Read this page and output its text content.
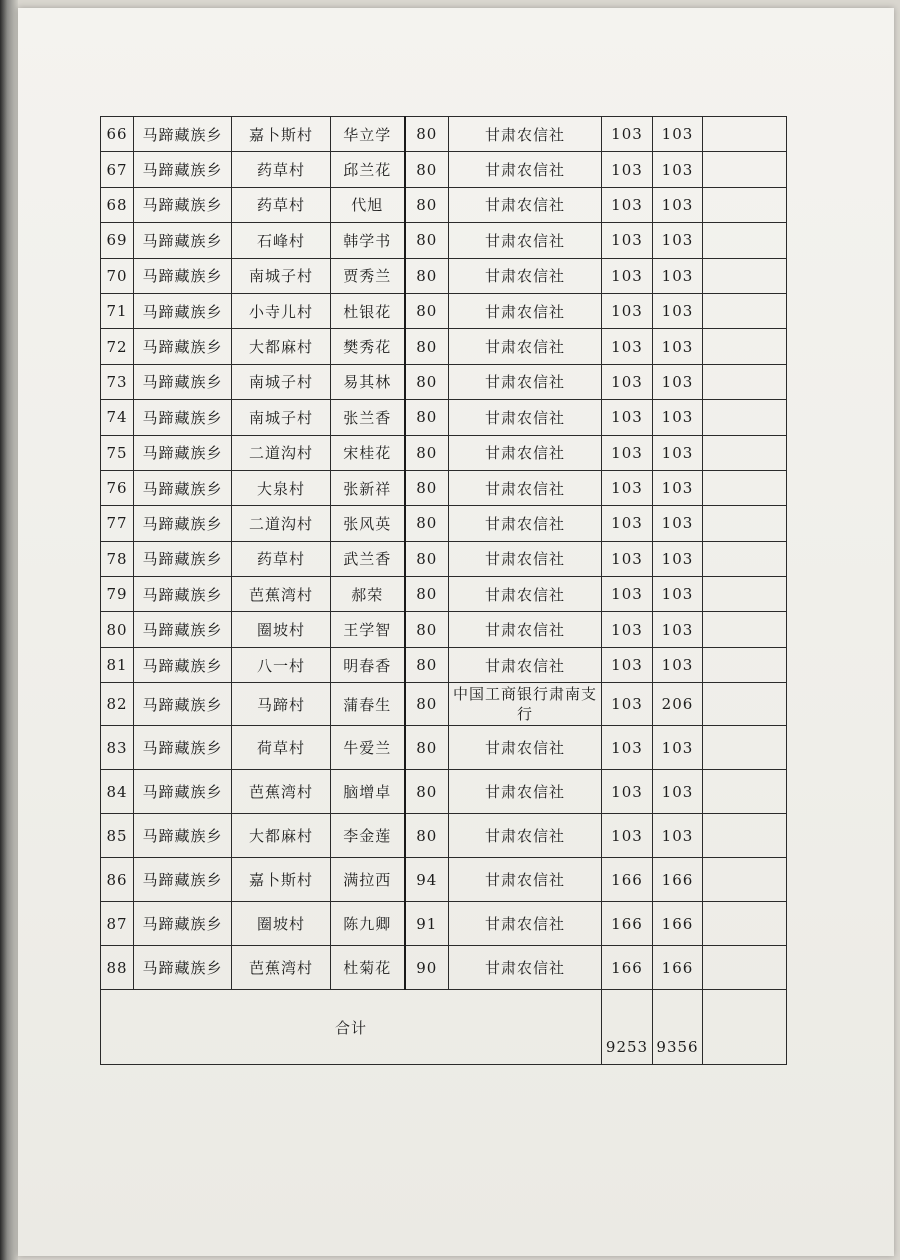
66	马蹄藏族乡	嘉卜斯村	华立学	80	甘肃农信社	103	103	
67	马蹄藏族乡	药草村	邱兰花	80	甘肃农信社	103	103	
68	马蹄藏族乡	药草村	代旭	80	甘肃农信社	103	103	
69	马蹄藏族乡	石峰村	韩学书	80	甘肃农信社	103	103	
70	马蹄藏族乡	南城子村	贾秀兰	80	甘肃农信社	103	103	
71	马蹄藏族乡	小寺儿村	杜银花	80	甘肃农信社	103	103	
72	马蹄藏族乡	大都麻村	樊秀花	80	甘肃农信社	103	103	
73	马蹄藏族乡	南城子村	易其林	80	甘肃农信社	103	103	
74	马蹄藏族乡	南城子村	张兰香	80	甘肃农信社	103	103	
75	马蹄藏族乡	二道沟村	宋桂花	80	甘肃农信社	103	103	
76	马蹄藏族乡	大泉村	张新祥	80	甘肃农信社	103	103	
77	马蹄藏族乡	二道沟村	张风英	80	甘肃农信社	103	103	
78	马蹄藏族乡	药草村	武兰香	80	甘肃农信社	103	103	
79	马蹄藏族乡	芭蕉湾村	郝荣	80	甘肃农信社	103	103	
80	马蹄藏族乡	圈坡村	王学智	80	甘肃农信社	103	103	
81	马蹄藏族乡	八一村	明春香	80	甘肃农信社	103	103	
82	马蹄藏族乡	马蹄村	蒲春生	80	中国工商银行肃南支行	103	206	
83	马蹄藏族乡	荷草村	牛爱兰	80	甘肃农信社	103	103	
84	马蹄藏族乡	芭蕉湾村	脑增卓	80	甘肃农信社	103	103	
85	马蹄藏族乡	大都麻村	李金莲	80	甘肃农信社	103	103	
86	马蹄藏族乡	嘉卜斯村	满拉西	94	甘肃农信社	166	166	
87	马蹄藏族乡	圈坡村	陈九卿	91	甘肃农信社	166	166	
88	马蹄藏族乡	芭蕉湾村	杜菊花	90	甘肃农信社	166	166	
合计						9253	9356	
